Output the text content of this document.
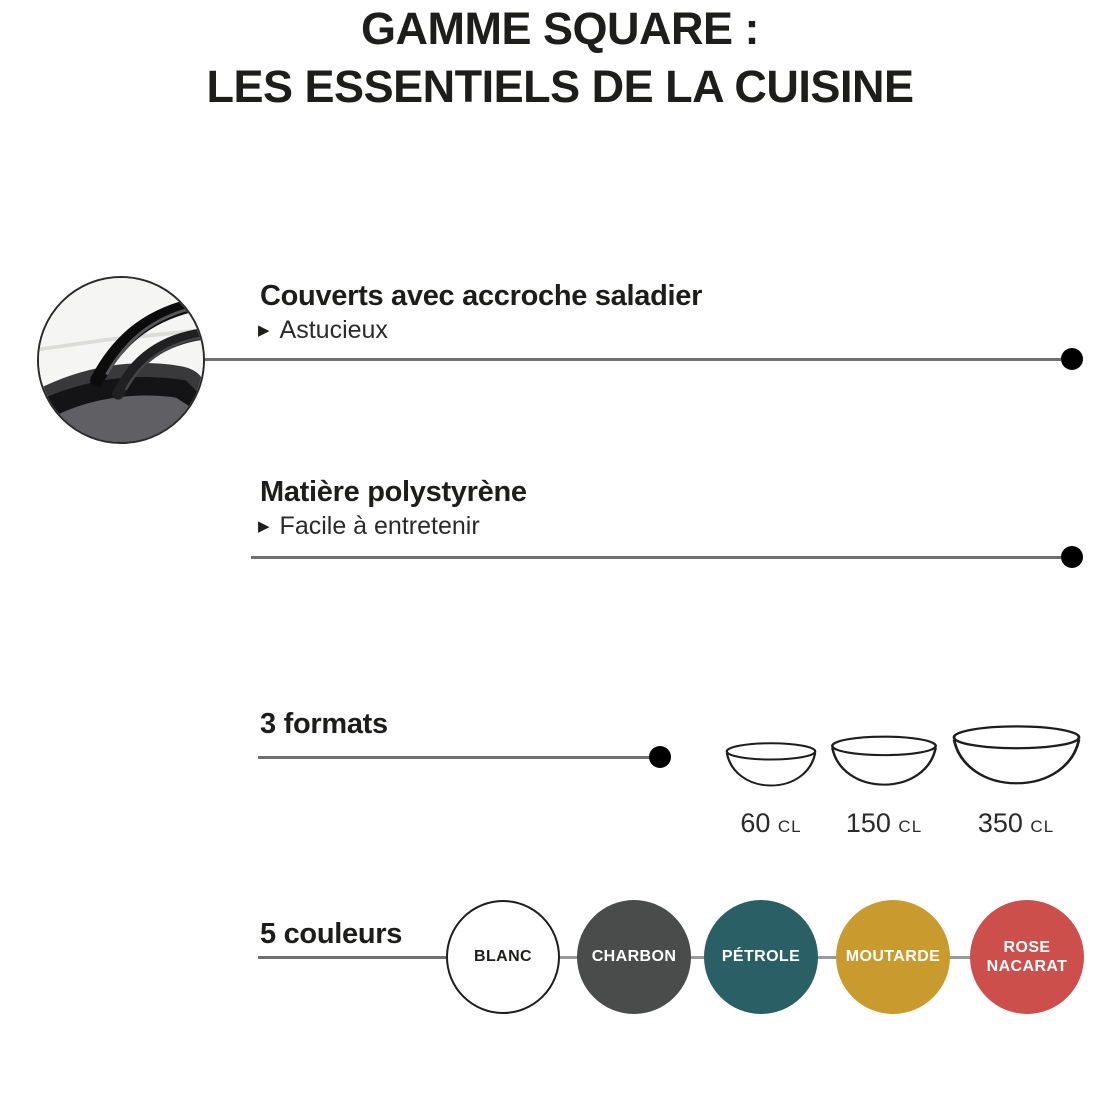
GAMME SQUARE :
LES ESSENTIELS DE LA CUISINE
Couverts avec accroche saladier
▶ Astucieux
Matière polystyrène
▶ Facile à entretenir
3 formats
60 CL	150 CL	350 CL
5 couleurs
BLANC	CHARBON	PÉTROLE	MOUTARDE
ROSE NACARAT
